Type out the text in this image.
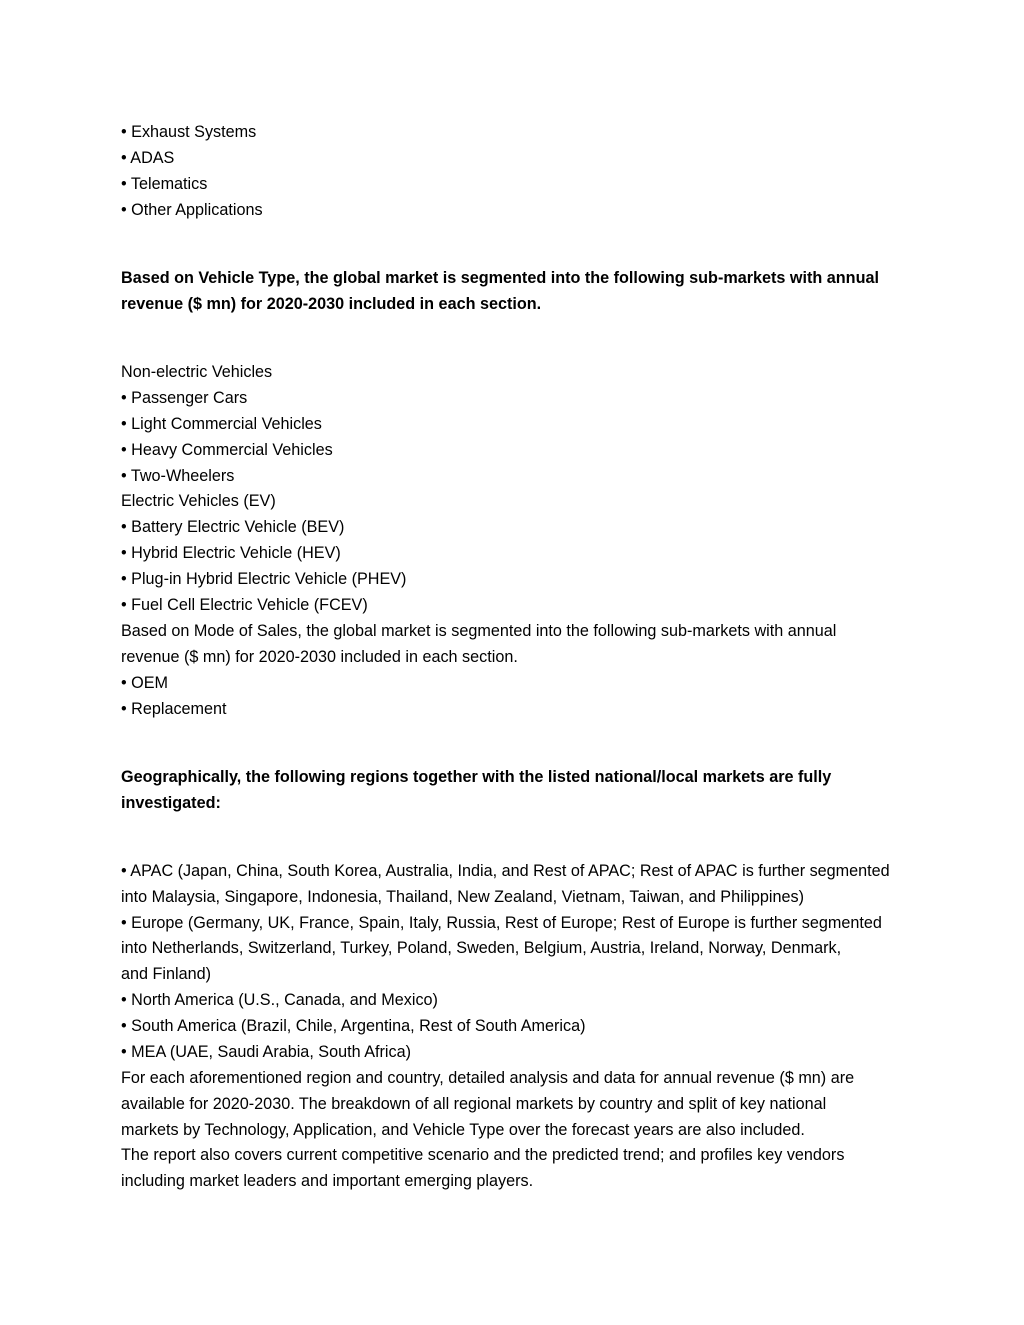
• Exhaust Systems
• ADAS
• Telematics
• Other Applications
Based on Vehicle Type, the global market is segmented into the following sub-markets with annual
revenue ($ mn) for 2020-2030 included in each section.
Non-electric Vehicles
• Passenger Cars
• Light Commercial Vehicles
• Heavy Commercial Vehicles
• Two-Wheelers
Electric Vehicles (EV)
• Battery Electric Vehicle (BEV)
• Hybrid Electric Vehicle (HEV)
• Plug-in Hybrid Electric Vehicle (PHEV)
• Fuel Cell Electric Vehicle (FCEV)
Based on Mode of Sales, the global market is segmented into the following sub-markets with annual
revenue ($ mn) for 2020-2030 included in each section.
• OEM
• Replacement
Geographically, the following regions together with the listed national/local markets are fully
investigated:
• APAC (Japan, China, South Korea, Australia, India, and Rest of APAC; Rest of APAC is further segmented
into Malaysia, Singapore, Indonesia, Thailand, New Zealand, Vietnam, Taiwan, and Philippines)
• Europe (Germany, UK, France, Spain, Italy, Russia, Rest of Europe; Rest of Europe is further segmented
into Netherlands, Switzerland, Turkey, Poland, Sweden, Belgium, Austria, Ireland, Norway, Denmark,
and Finland)
• North America (U.S., Canada, and Mexico)
• South America (Brazil, Chile, Argentina, Rest of South America)
• MEA (UAE, Saudi Arabia, South Africa)
For each aforementioned region and country, detailed analysis and data for annual revenue ($ mn) are
available for 2020-2030. The breakdown of all regional markets by country and split of key national
markets by Technology, Application, and Vehicle Type over the forecast years are also included.
The report also covers current competitive scenario and the predicted trend; and profiles key vendors
including market leaders and important emerging players.
